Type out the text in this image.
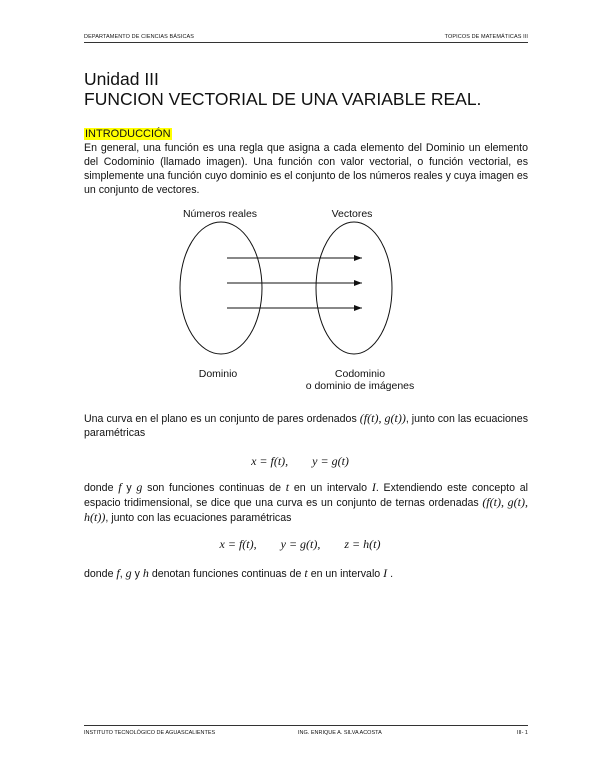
DEPARTAMENTO DE CIENCIAS BÁSICAS	TOPICOS DE MATEMÁTICAS III
Unidad III
FUNCION VECTORIAL DE UNA VARIABLE REAL.
INTRODUCCIÓN
En general, una función es una regla que asigna a cada elemento del Dominio un elemento del Codominio (llamado imagen). Una función con valor vectorial, o función vectorial, es simplemente una función cuyo dominio es el conjunto de los números reales y cuya imagen es un conjunto de vectores.
Números reales	Vectores
Dominio	Codominio
o dominio de imágenes
Una curva en el plano es un conjunto de pares ordenados (f(t), g(t)), junto con las ecuaciones paramétricas
x = f(t), y = g(t)
donde f y g son funciones continuas de t en un intervalo I. Extendiendo este concepto al espacio tridimensional, se dice que una curva es un conjunto de ternas ordenadas (f(t), g(t), h(t)), junto con las ecuaciones paramétricas
x = f(t), y = g(t), z = h(t)
donde f, g y h denotan funciones continuas de t en un intervalo I .
INSTITUTO TECNOLÓGICO DE AGUASCALIENTES	ING. ENRIQUE A. SILVA ACOSTA	III- 1
